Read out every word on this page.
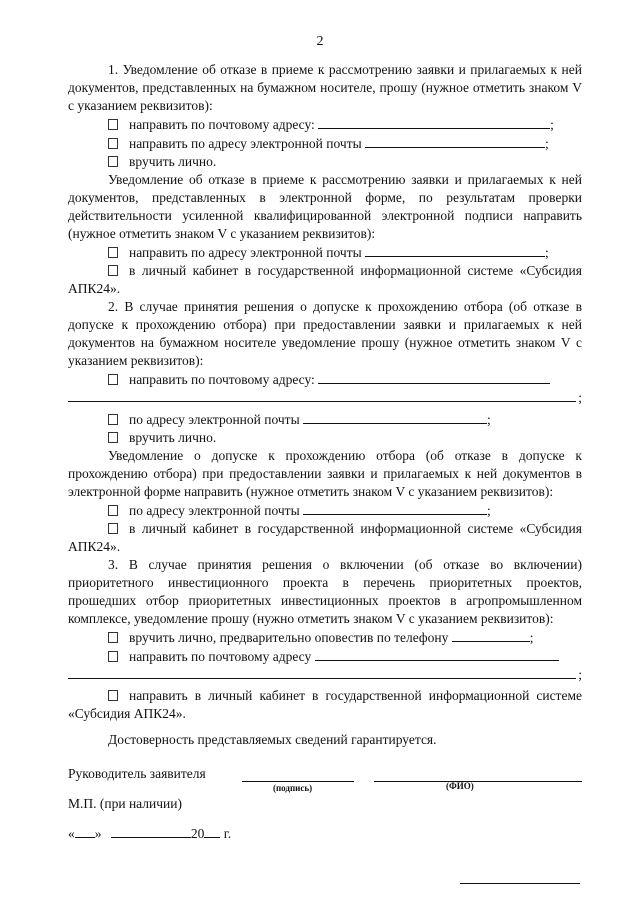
2

1. Уведомление об отказе в приеме к рассмотрению заявки и прилагаемых к ней документов, представленных на бумажном носителе, прошу (нужное отметить знаком V с указанием реквизитов):

направить по почтовому адресу:	;

направить по адресу электронной почты	;

вручить лично.

Уведомление об отказе в приеме к рассмотрению заявки и прилагаемых к ней документов, представленных в электронной форме, по результатам проверки действительности усиленной квалифицированной электронной подписи направить (нужное отметить знаком V с указанием реквизитов):

направить по адресу электронной почты	;

в личный кабинет в государственной информационной системе «Субсидия АПК24».

2. В случае принятия решения о допуске к прохождению отбора (об отказе в допуске к прохождению отбора) при предоставлении заявки и прилагаемых к ней документов на бумажном носителе уведомление прошу (нужное отметить знаком V с указанием реквизитов):

направить по почтовому адресу:

;

по адресу электронной почты	;

вручить лично.

Уведомление о допуске к прохождению отбора (об отказе в допуске к прохождению отбора) при предоставлении заявки и прилагаемых к ней документов в электронной форме направить (нужное отметить знаком V с указанием реквизитов):

по адресу электронной почты	;

в личный кабинет в государственной информационной системе «Субсидия АПК24».

3. В случае принятия решения о включении (об отказе во включении) приоритетного инвестиционного проекта в перечень приоритетных проектов, прошедших отбор приоритетных инвестиционных проектов в агропромышленном комплексе, уведомление прошу (нужно отметить знаком V с указанием реквизитов):

вручить лично, предварительно оповестив по телефону	;

направить по почтовому адресу

;

направить в личный кабинет в государственной информационной системе «Субсидия АПК24».

Достоверность представляемых сведений гарантируется.

Руководитель заявителя
(подпись)	(ФИО)
М.П. (при наличии)
« »	20 г.
